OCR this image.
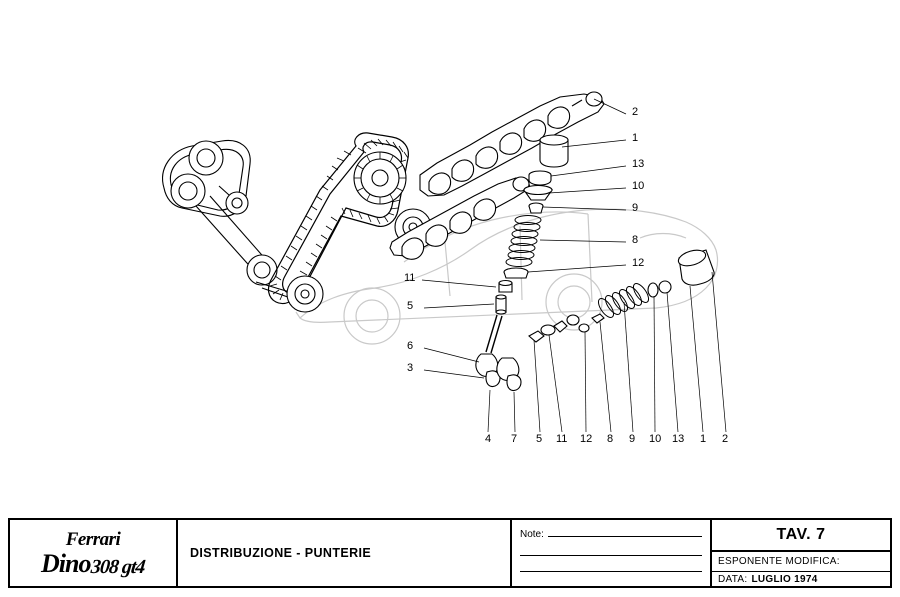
2
1
13
10
9
8
12
11
5
6
3
4 7 5 11 12 8 9 10 13 1 2
Ferrari
Dino 308 gt4
DISTRIBUZIONE - PUNTERIE
Note:	TAV. 7
ESPONENTE MODIFICA:
DATA: LUGLIO 1974
